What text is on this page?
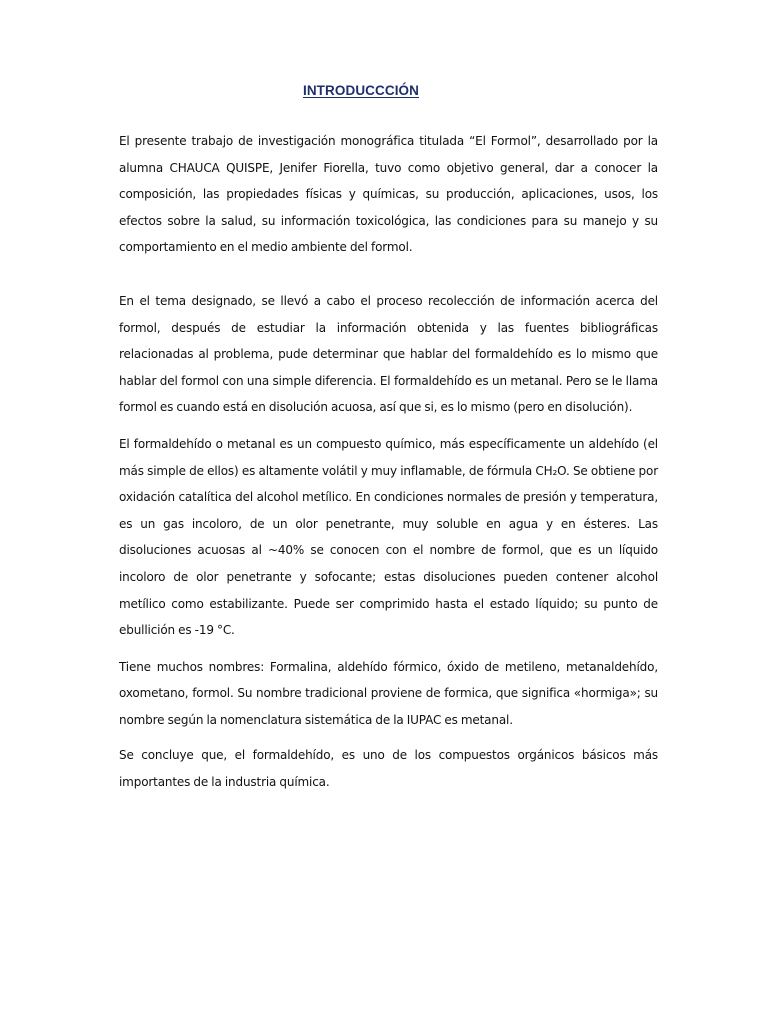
INTRODUCCCIÓN

El presente trabajo de investigación monográfica titulada “El Formol”, desarrollado por la alumna CHAUCA QUISPE, Jenifer Fiorella, tuvo como objetivo general, dar a conocer la composición, las propiedades físicas y químicas, su producción, aplicaciones, usos, los efectos sobre la salud, su información toxicológica, las condiciones para su manejo y su comportamiento en el medio ambiente del formol.

En el tema designado, se llevó a cabo el proceso recolección de información acerca del formol, después de estudiar la información obtenida y las fuentes bibliográficas relacionadas al problema, pude determinar que hablar del formaldehído es lo mismo que hablar del formol con una simple diferencia. El formaldehído es un metanal. Pero se le llama formol es cuando está en disolución acuosa, así que si, es lo mismo (pero en disolución).

El formaldehído o metanal es un compuesto químico, más específicamente un aldehído (el más simple de ellos) es altamente volátil y muy inflamable, de fórmula CH₂O. Se obtiene por oxidación catalítica del alcohol metílico. En condiciones normales de presión y temperatura, es un gas incoloro, de un olor penetrante, muy soluble en agua y en ésteres. Las disoluciones acuosas al ~40% se conocen con el nombre de formol, que es un líquido incoloro de olor penetrante y sofocante; estas disoluciones pueden contener alcohol metílico como estabilizante. Puede ser comprimido hasta el estado líquido; su punto de ebullición es -19 °C.

Tiene muchos nombres: Formalina, aldehído fórmico, óxido de metileno, metanaldehído, oxometano, formol. Su nombre tradicional proviene de formica, que significa «hormiga»; su nombre según la nomenclatura sistemática de la IUPAC es metanal.

Se concluye que, el formaldehído, es uno de los compuestos orgánicos básicos más importantes de la industria química.
